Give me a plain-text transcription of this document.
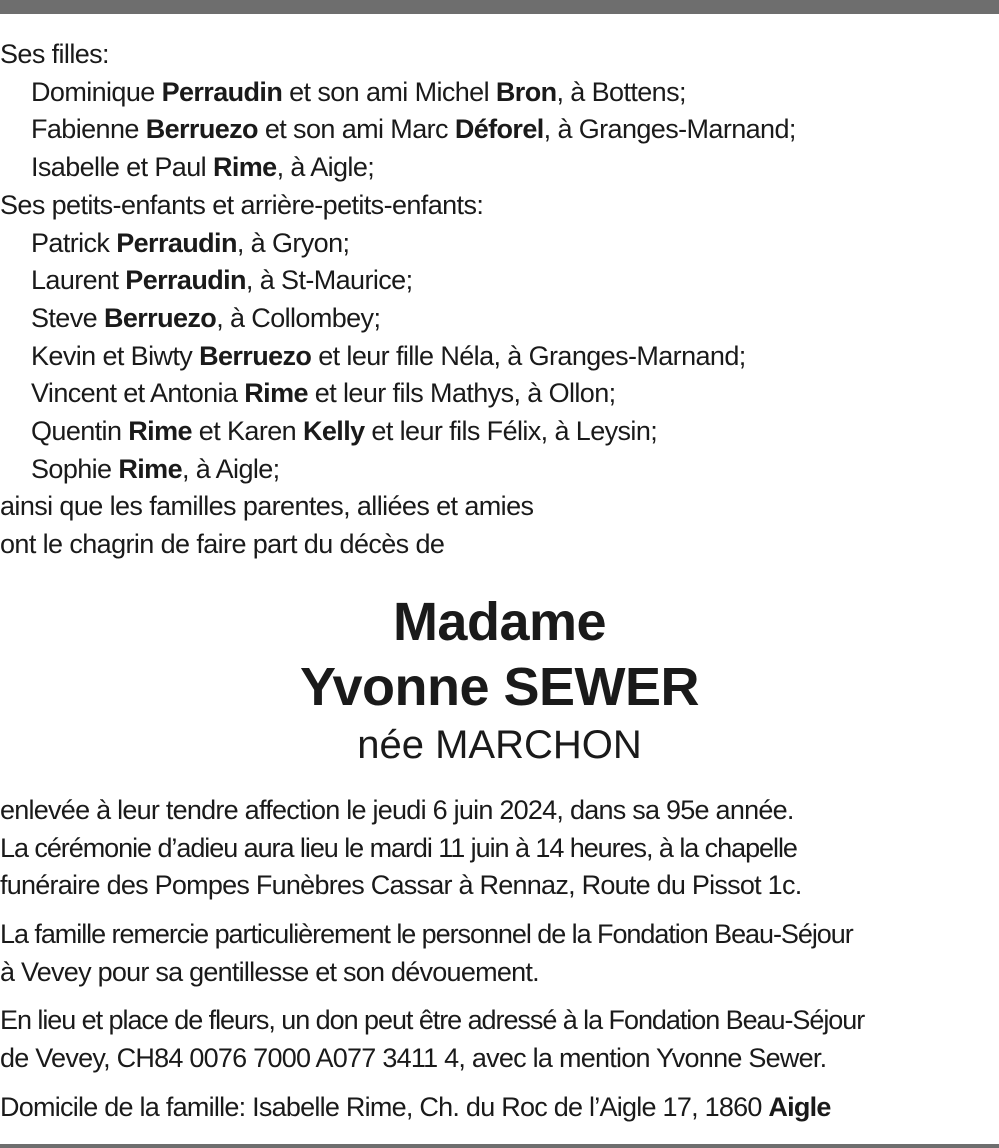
Ses filles:
Dominique Perraudin et son ami Michel Bron, à Bottens;
Fabienne Berruezo et son ami Marc Déforel, à Granges-Marnand;
Isabelle et Paul Rime, à Aigle;
Ses petits-enfants et arrière-petits-enfants:
Patrick Perraudin, à Gryon;
Laurent Perraudin, à St-Maurice;
Steve Berruezo, à Collombey;
Kevin et Biwty Berruezo et leur fille Néla, à Granges-Marnand;
Vincent et Antonia Rime et leur fils Mathys, à Ollon;
Quentin Rime et Karen Kelly et leur fils Félix, à Leysin;
Sophie Rime, à Aigle;
ainsi que les familles parentes, alliées et amies
ont le chagrin de faire part du décès de
Madame
Yvonne SEWER
née MARCHON
enlevée à leur tendre affection le jeudi 6 juin 2024, dans sa 95e année.
La cérémonie d’adieu aura lieu le mardi 11 juin à 14 heures, à la chapelle
funéraire des Pompes Funèbres Cassar à Rennaz, Route du Pissot 1c.
La famille remercie particulièrement le personnel de la Fondation Beau-Séjour
à Vevey pour sa gentillesse et son dévouement.
En lieu et place de fleurs, un don peut être adressé à la Fondation Beau-Séjour
de Vevey, CH84 0076 7000 A077 3411 4, avec la mention Yvonne Sewer.
Domicile de la famille: Isabelle Rime, Ch. du Roc de l’Aigle 17, 1860 Aigle
